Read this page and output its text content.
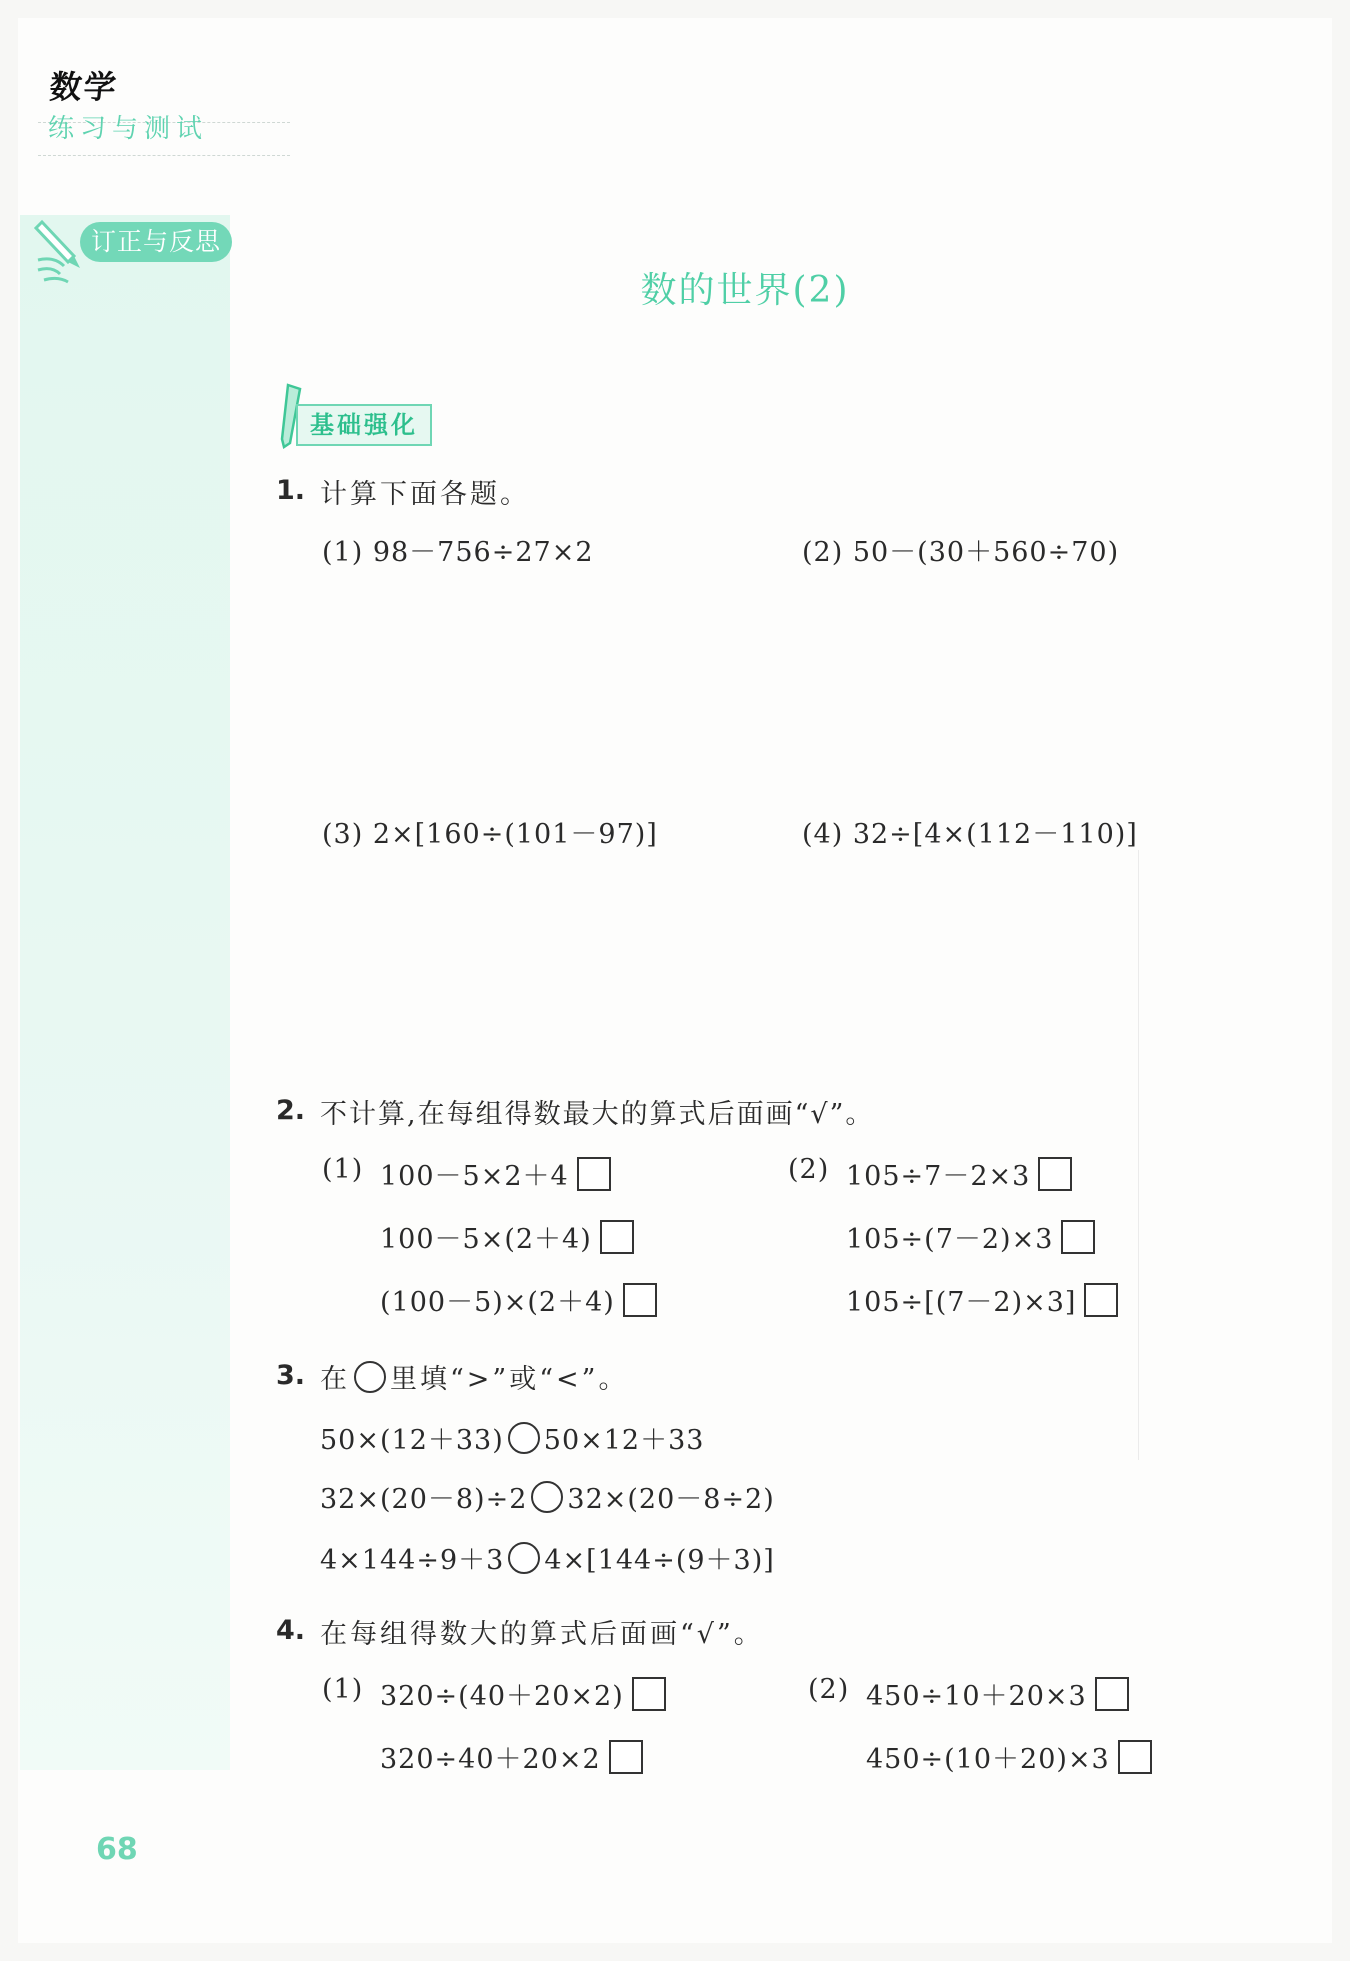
数学
练习与测试
订正与反思
数的世界(2)
基础强化
1. 计算下面各题。
(1) 98－756÷27×2	(2) 50－(30＋560÷70)
(3) 2×[160÷(101－97)]	(4) 32÷[4×(112－110)]
2. 不计算,在每组得数最大的算式后面画“√”。
(1) 100－5×2＋4
100－5×(2＋4)
(100－5)×(2＋4)
(2) 105÷7－2×3
105÷(7－2)×3
105÷[(7－2)×3]
3. 在 里填“>”或“<”。
50×(12＋33) 50×12＋33
32×(20－8)÷2 32×(20－8÷2)
4×144÷9＋3 4×[144÷(9＋3)]
4. 在每组得数大的算式后面画“√”。
(1) 320÷(40＋20×2)
320÷40＋20×2
(2) 450÷10＋20×3
450÷(10＋20)×3
68
